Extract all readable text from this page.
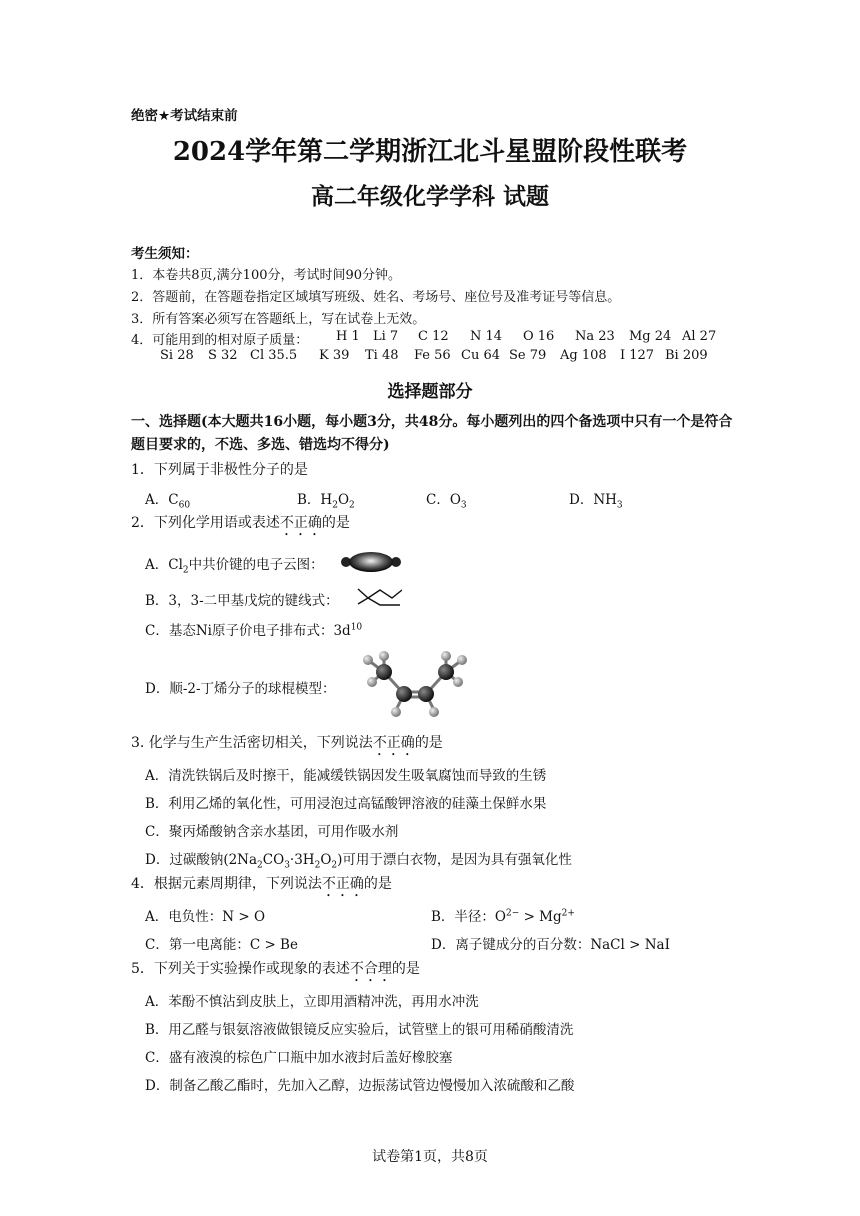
绝密★考试结束前
2024学年第二学期浙江北斗星盟阶段性联考
高二年级化学学科 试题
考生须知：
1．本卷共8页,满分100分，考试时间90分钟。
2．答题前，在答题卷指定区域填写班级、姓名、考场号、座位号及准考证号等信息。
3．所有答案必须写在答题纸上，写在试卷上无效。
4．可能用到的相对原子质量： H 1 Li 7 C 12 N 14 O 16 Na 23 Mg 24 Al 27
Si 28 S 32 Cl 35.5 K 39 Ti 48 Fe 56 Cu 64 Se 79 Ag 108 I 127 Bi 209
选择题部分
一、选择题(本大题共16小题，每小题3分，共48分。每小题列出的四个备选项中只有一个是符合题目要求的，不选、多选、错选均不得分)
1．下列属于非极性分子的是
A．$C_{60}$	B．$H_2O_2$	C．$O_3$	D．$NH_3$
2．下列化学用语或表述不正确的是
A．$Cl_2$中共价键的电子云图：
B．3，3-二甲基戊烷的键线式：
C．基态Ni原子价电子排布式：$3d^{10}$
D．顺-2-丁烯分子的球棍模型：
3. 化学与生产生活密切相关，下列说法不正确的是
A．清洗铁锅后及时擦干，能减缓铁锅因发生吸氧腐蚀而导致的生锈
B．利用乙烯的氧化性，可用浸泡过高锰酸钾溶液的硅藻土保鲜水果
C．聚丙烯酸钠含亲水基团，可用作吸水剂
D．过碳酸钠$(2Na_2CO_3\cdot 3H_2O_2)$可用于漂白衣物，是因为具有强氧化性
4．根据元素周期律，下列说法不正确的是
A．电负性：N > O	B．半径：$O^{2-} > Mg^{2+}$
C．第一电离能：C > Be	D．离子键成分的百分数：NaCl > NaI
5．下列关于实验操作或现象的表述不合理的是
A．苯酚不慎沾到皮肤上，立即用酒精冲洗，再用水冲洗
B．用乙醛与银氨溶液做银镜反应实验后，试管壁上的银可用稀硝酸清洗
C．盛有液溴的棕色广口瓶中加水液封后盖好橡胶塞
D．制备乙酸乙酯时，先加入乙醇，边振荡试管边慢慢加入浓硫酸和乙酸
试卷第1页，共8页
